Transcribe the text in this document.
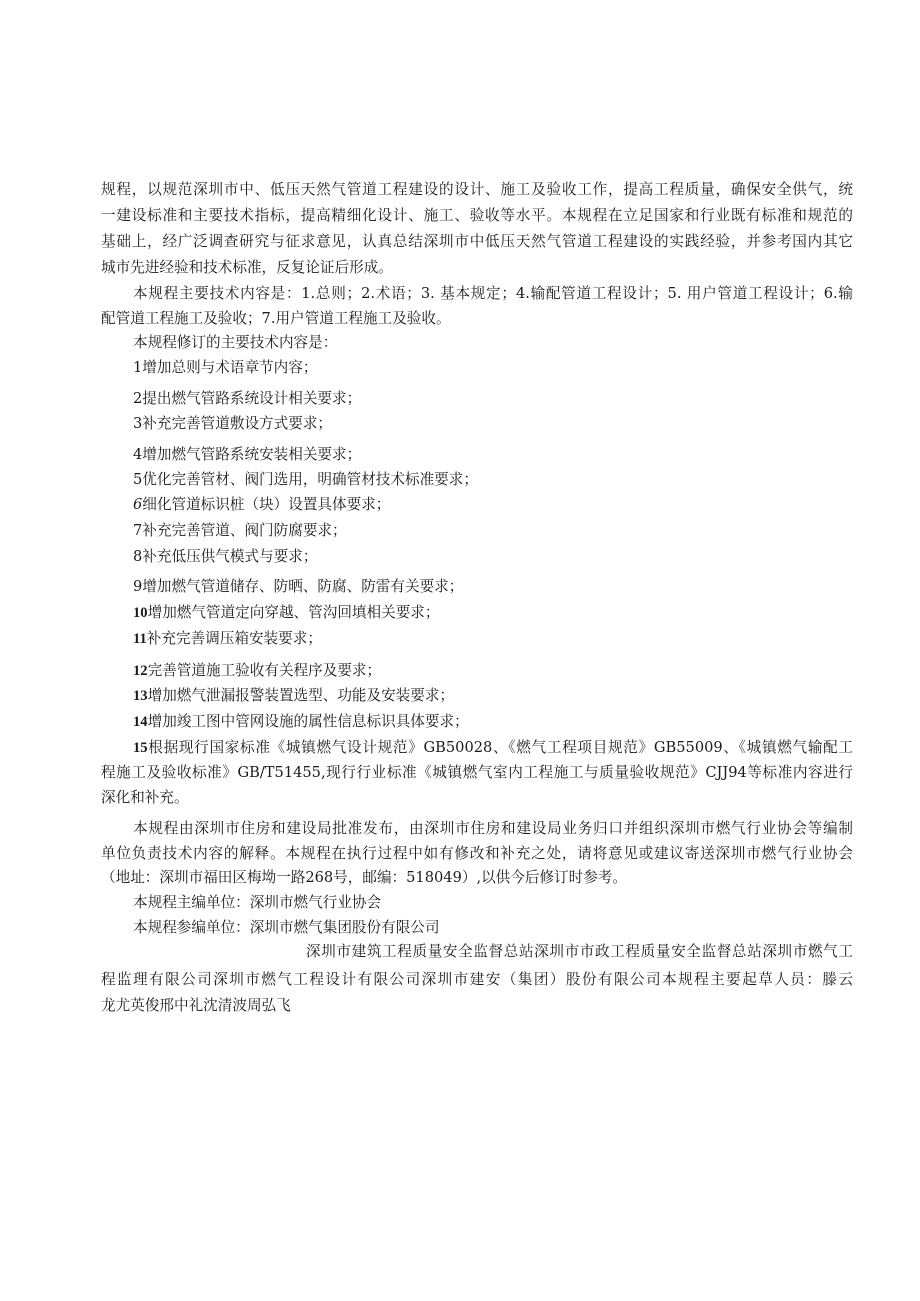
规程，以规范深圳市中、低压天然气管道工程建设的设计、施工及验收工作，提高工程质量，确保安全供气，统
一建设标准和主要技术指标，提高精细化设计、施工、验收等水平。本规程在立足国家和行业既有标准和规范的
基础上，经广泛调查研究与征求意见，认真总结深圳市中低压天然气管道工程建设的实践经验，并参考国内其它
城市先进经验和技术标准，反复论证后形成。
本规程主要技术内容是：1.总则；2.术语；3. 基本规定；4.输配管道工程设计；5. 用户管道工程设计；6.输
配管道工程施工及验收；7.用户管道工程施工及验收。
本规程修订的主要技术内容是：
1增加总则与术语章节内容；
2提出燃气管路系统设计相关要求；
3补充完善管道敷设方式要求；
4增加燃气管路系统安装相关要求；
5优化完善管材、阀门选用，明确管材技术标准要求；
6细化管道标识桩（块）设置具体要求；
7补充完善管道、阀门防腐要求；
8补充低压供气模式与要求；
9增加燃气管道储存、防晒、防腐、防雷有关要求；
10增加燃气管道定向穿越、管沟回填相关要求；
11补充完善调压箱安装要求；
12完善管道施工验收有关程序及要求；
13增加燃气泄漏报警装置选型、功能及安装要求；
14增加竣工图中管网设施的属性信息标识具体要求；
15根据现行国家标准《城镇燃气设计规范》GB50028、《燃气工程项目规范》GB55009、《城镇燃气输配工
程施工及验收标准》GB/T51455,现行行业标准《城镇燃气室内工程施工与质量验收规范》CJJ94等标准内容进行
深化和补充。
本规程由深圳市住房和建设局批准发布，由深圳市住房和建设局业务归口并组织深圳市燃气行业协会等编制
单位负责技术内容的解释。本规程在执行过程中如有修改和补充之处，请将意见或建议寄送深圳市燃气行业协会
（地址：深圳市福田区梅坳一路268号，邮编：518049）,以供今后修订时参考。
本规程主编单位：深圳市燃气行业协会
本规程参编单位：深圳市燃气集团股份有限公司
深圳市建筑工程质量安全监督总站深圳市市政工程质量安全监督总站深圳市燃气工
程监理有限公司深圳市燃气工程设计有限公司深圳市建安（集团）股份有限公司本规程主要起草人员：滕云
龙尤英俊邢中礼沈清波周弘飞
